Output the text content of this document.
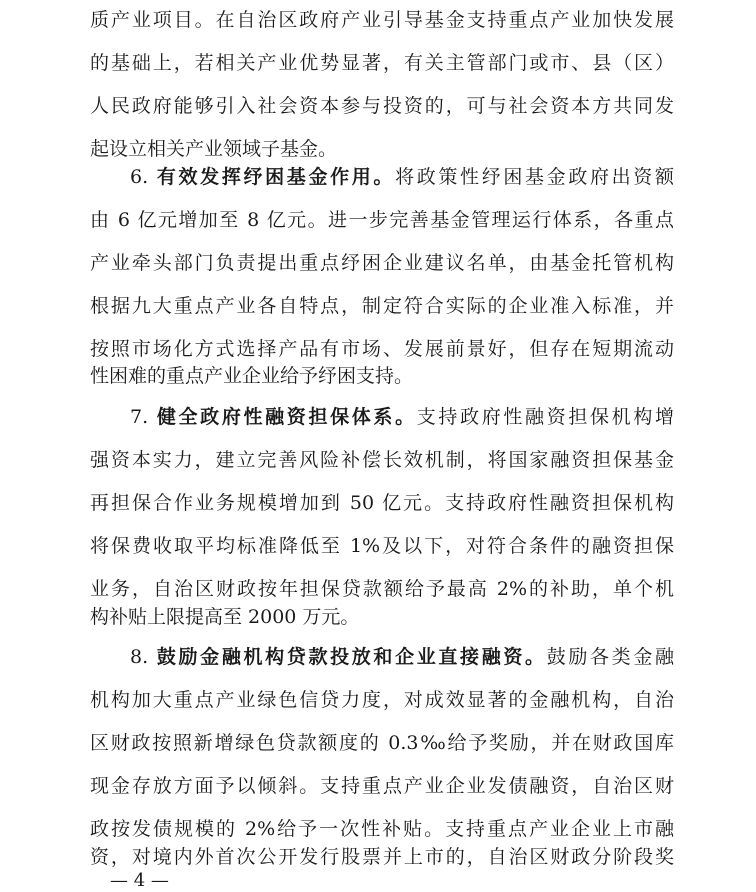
质产业项目。在自治区政府产业引导基金支持重点产业加快发展
的基础上，若相关产业优势显著，有关主管部门或市、县（区）
人民政府能够引入社会资本参与投资的，可与社会资本方共同发
起设立相关产业领域子基金。
6. 有效发挥纾困基金作用。将政策性纾困基金政府出资额
由 6 亿元增加至 8 亿元。进一步完善基金管理运行体系，各重点
产业牵头部门负责提出重点纾困企业建议名单，由基金托管机构
根据九大重点产业各自特点，制定符合实际的企业准入标准，并
按照市场化方式选择产品有市场、发展前景好，但存在短期流动
性困难的重点产业企业给予纾困支持。
7. 健全政府性融资担保体系。支持政府性融资担保机构增
强资本实力，建立完善风险补偿长效机制，将国家融资担保基金
再担保合作业务规模增加到 50 亿元。支持政府性融资担保机构
将保费收取平均标准降低至 1%及以下，对符合条件的融资担保
业务，自治区财政按年担保贷款额给予最高 2%的补助，单个机
构补贴上限提高至 2000 万元。
8. 鼓励金融机构贷款投放和企业直接融资。鼓励各类金融
机构加大重点产业绿色信贷力度，对成效显著的金融机构，自治
区财政按照新增绿色贷款额度的 0.3‰给予奖励，并在财政国库
现金存放方面予以倾斜。支持重点产业企业发债融资，自治区财
政按发债规模的 2%给予一次性补贴。支持重点产业企业上市融
资，对境内外首次公开发行股票并上市的，自治区财政分阶段奖
— 4 —
